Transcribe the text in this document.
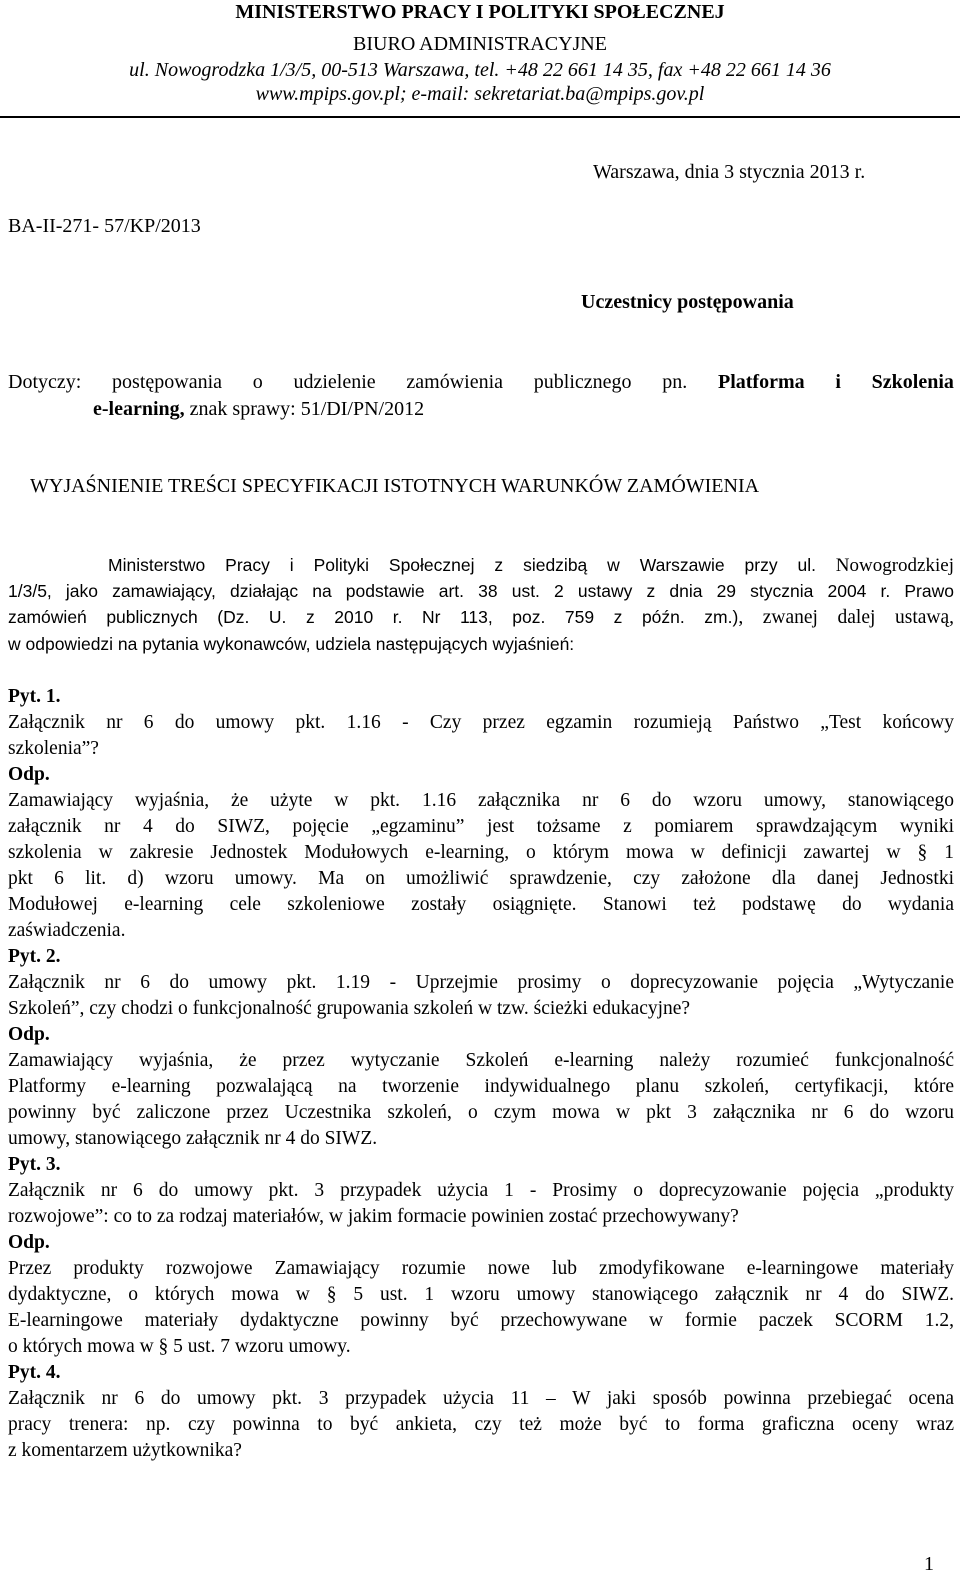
MINISTERSTWO PRACY I POLITYKI SPOŁECZNEJ
BIURO ADMINISTRACYJNE
ul. Nowogrodzka 1/3/5, 00-513 Warszawa, tel. +48 22 661 14 35, fax +48 22 661 14 36
www.mpips.gov.pl; e-mail: sekretariat.ba@mpips.gov.pl
Warszawa, dnia 3 stycznia 2013 r.
BA-II-271- 57/KP/2013
Uczestnicy postępowania
Dotyczy: postępowania o udzielenie zamówienia publicznego pn. Platforma i Szkolenia
e-learning, znak sprawy: 51/DI/PN/2012
WYJAŚNIENIE TREŚCI SPECYFIKACJI ISTOTNYCH WARUNKÓW ZAMÓWIENIA
Ministerstwo Pracy i Polityki Społecznej z siedzibą w Warszawie przy ul. Nowogrodzkiej
1/3/5, jako zamawiający, działając na podstawie art. 38 ust. 2 ustawy z dnia 29 stycznia 2004 r. Prawo
zamówień publicznych (Dz. U. z 2010 r. Nr 113, poz. 759 z późn. zm.), zwanej dalej ustawą,
w odpowiedzi na pytania wykonawców, udziela następujących wyjaśnień:
Pyt. 1.
Załącznik nr 6 do umowy pkt. 1.16 - Czy przez egzamin rozumieją Państwo „Test końcowy
szkolenia”?
Odp.
Zamawiający wyjaśnia, że użyte w pkt. 1.16 załącznika nr 6 do wzoru umowy, stanowiącego
załącznik nr 4 do SIWZ, pojęcie „egzaminu” jest tożsame z pomiarem sprawdzającym wyniki
szkolenia w zakresie Jednostek Modułowych e-learning, o którym mowa w definicji zawartej w § 1
pkt 6 lit. d) wzoru umowy. Ma on umożliwić sprawdzenie, czy założone dla danej Jednostki
Modułowej e-learning cele szkoleniowe zostały osiągnięte. Stanowi też podstawę do wydania
zaświadczenia.
Pyt. 2.
Załącznik nr 6 do umowy pkt. 1.19 - Uprzejmie prosimy o doprecyzowanie pojęcia „Wytyczanie
Szkoleń”, czy chodzi o funkcjonalność grupowania szkoleń w tzw. ścieżki edukacyjne?
Odp.
Zamawiający wyjaśnia, że przez wytyczanie Szkoleń e-learning należy rozumieć funkcjonalność
Platformy e-learning pozwalającą na tworzenie indywidualnego planu szkoleń, certyfikacji, które
powinny być zaliczone przez Uczestnika szkoleń, o czym mowa w pkt 3 załącznika nr 6 do wzoru
umowy, stanowiącego załącznik nr 4 do SIWZ.
Pyt. 3.
Załącznik nr 6 do umowy pkt. 3 przypadek użycia 1 - Prosimy o doprecyzowanie pojęcia „produkty
rozwojowe”: co to za rodzaj materiałów, w jakim formacie powinien zostać przechowywany?
Odp.
Przez produkty rozwojowe Zamawiający rozumie nowe lub zmodyfikowane e-learningowe materiały
dydaktyczne, o których mowa w § 5 ust. 1 wzoru umowy stanowiącego załącznik nr 4 do SIWZ.
E-learningowe materiały dydaktyczne powinny być przechowywane w formie paczek SCORM 1.2,
o których mowa w § 5 ust. 7 wzoru umowy.
Pyt. 4.
Załącznik nr 6 do umowy pkt. 3 przypadek użycia 11 – W jaki sposób powinna przebiegać ocena
pracy trenera: np. czy powinna to być ankieta, czy też może być to forma graficzna oceny wraz
z komentarzem użytkownika?
1
